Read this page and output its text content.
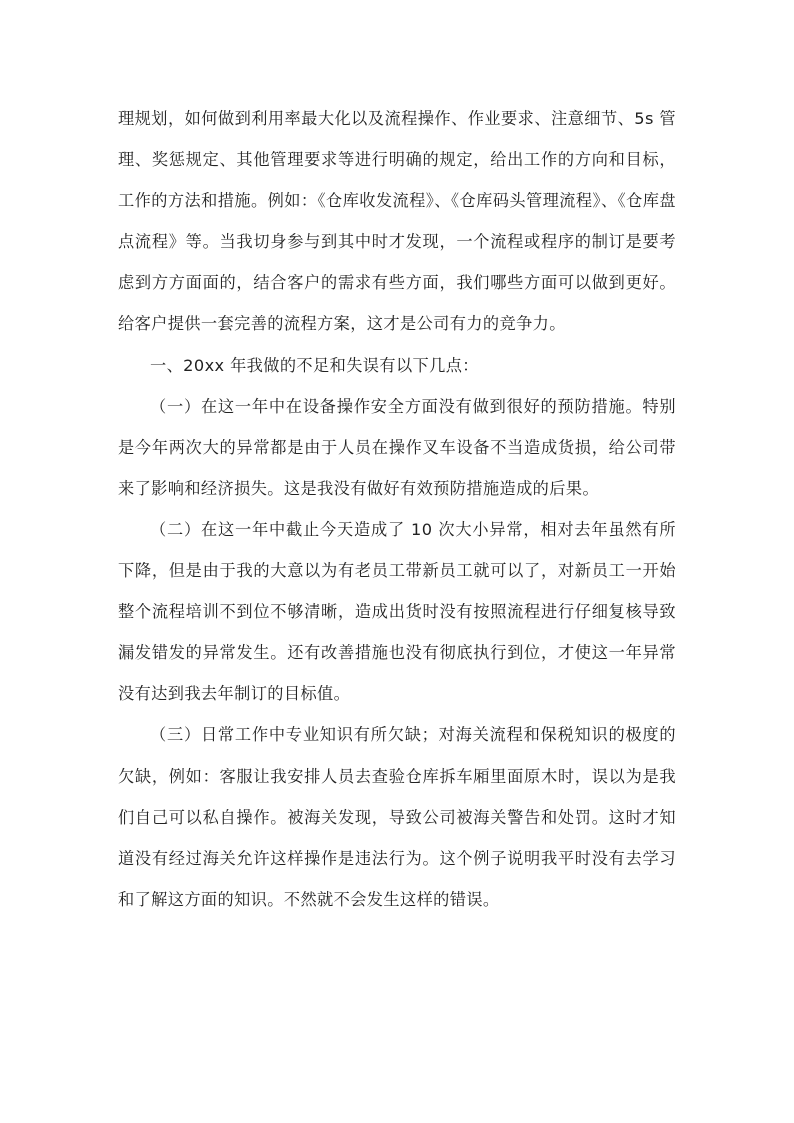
理规划，如何做到利用率最大化以及流程操作、作业要求、注意细节、5s 管理、奖惩规定、其他管理要求等进行明确的规定，给出工作的方向和目标，工作的方法和措施。例如：《仓库收发流程》、《仓库码头管理流程》、《仓库盘点流程》等。当我切身参与到其中时才发现，一个流程或程序的制订是要考虑到方方面面的，结合客户的需求有些方面，我们哪些方面可以做到更好。给客户提供一套完善的流程方案，这才是公司有力的竞争力。

一、20xx 年我做的不足和失误有以下几点：

（一）在这一年中在设备操作安全方面没有做到很好的预防措施。特别是今年两次大的异常都是由于人员在操作叉车设备不当造成货损，给公司带来了影响和经济损失。这是我没有做好有效预防措施造成的后果。

（二）在这一年中截止今天造成了 10 次大小异常，相对去年虽然有所下降，但是由于我的大意以为有老员工带新员工就可以了，对新员工一开始整个流程培训不到位不够清晰，造成出货时没有按照流程进行仔细复核导致漏发错发的异常发生。还有改善措施也没有彻底执行到位，才使这一年异常没有达到我去年制订的目标值。

（三）日常工作中专业知识有所欠缺；对海关流程和保税知识的极度的欠缺，例如：客服让我安排人员去查验仓库拆车厢里面原木时，误以为是我们自己可以私自操作。被海关发现，导致公司被海关警告和处罚。这时才知道没有经过海关允许这样操作是违法行为。这个例子说明我平时没有去学习和了解这方面的知识。不然就不会发生这样的错误。
